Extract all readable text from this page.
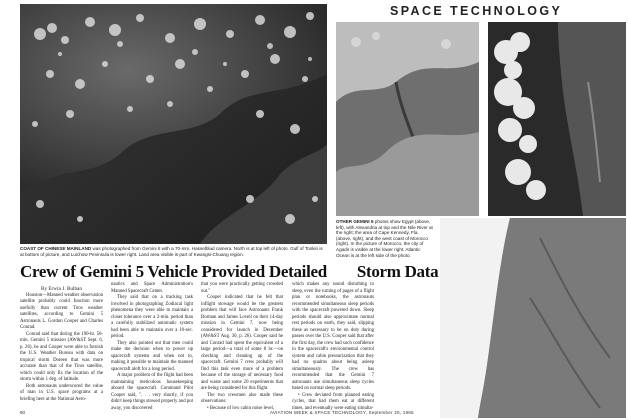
SPACE TECHNOLOGY
COAST OF CHINESE MAINLAND was photographed from Gemini 5 with a 70-mm. Hasselblad camera. North is at top left of photo. Gulf of Tonkin is at bottom of picture, and Luichow Peninsula is lower right. Land area visible is part of Kwangsi-Chuang region.
OTHER GEMINI 5 photos show Egypt (above, left), with Alexandria at top and the Nile River at the right; the area of Cape Kennedy, Fla. (above, right), and the west coast of Morocco (right). In the picture of Morocco, the city of Agadir is visible at the lower right. Atlantic Ocean is at the left side of the photo.
Crew of Gemini 5 Vehicle Provided Detailed Storm Data

By Erwin J. Bulban

Houston—Manned weather observation satellite probably could function more usefully than current Tiros weather satellites, according to Gemini 5 Astronauts L. Gordon Cooper and Charles Conrad.

Conrad said that during the 190-hr. 56-min. Gemini 5 mission (AW&ST Sept. 6, p. 26), he and Cooper were able to furnish the U.S. Weather Bureau with data on tropical storm Doreen that was more accurate than that of the Tiros satellite, which could only fix the location of the storm within 1 deg. of latitude.

Both astronauts underscored the value of man in U.S. space programs at a briefing here at the National Aero-

nautics and Space Administration's Manned Spacecraft Center.

They said that on a tracking task involved in photographing Zodiacal light phenomena they were able to maintain a closer tolerance over a 2-min. period than a carefully stabilized automatic system had been able to maintain over a 10-sec. period.

They also pointed out that men could make the decision when to power up spacecraft systems and when not to, making it possible to maintain the manned spacecraft aloft for a long period.

A major problem of the flight had been maintaining meticulous housekeeping aboard the spacecraft. Command Pilot Cooper said, ". . . very shortly, if you didn't keep things stowed properly and put away, you discovered

that you were practically getting crowded out."

Cooper indicated that he felt that inflight stowage would be the greatest problem that will face Astronauts Frank Borman and James Lovell on their 14-day mission in Gemini 7, now being considered for launch in December (AW&ST Aug. 30, p. 26). Cooper said he and Conrad had spent the equivalent of a large period—a total of some 8 hr.—on checking and cleaning up of the spacecraft. Gemini 7 crew probably will find this task even more of a problem because of the storage of necessary food and waste and some 20 experiments that are being considered for this flight.

The two crewmen also made these observations:

• Because of low cabin noise level,

which makes any sound disturbing to sleep, even the turning of pages of a flight plan or notebooks, the astronauts recommended simultaneous sleep periods with the spacecraft powered down. Sleep periods should also approximate normal rest periods on earth, they said, slipping these as necessary to be on duty during passes over the U.S. Cooper said that after the first day, the crew had such confidence in the spacecraft's environmental control system and cabin pressurization that they had no qualms about being asleep simultaneously. The crew has recommended that the Gemini 7 astronauts use simultaneous sleep cycles based on normal sleep periods.

• Crew deviated from planned eating cycles, that had them eat at different times, and eventually were eating simulta-

60	AVIATION WEEK & SPACE TECHNOLOGY, September 20, 1965
